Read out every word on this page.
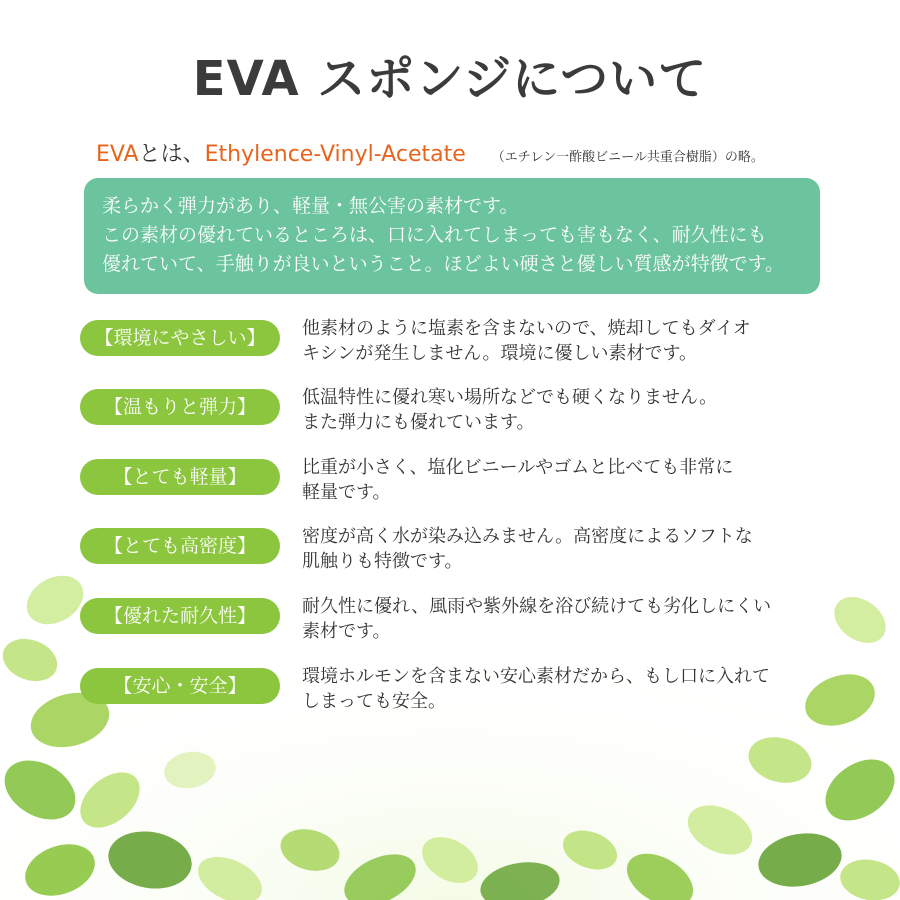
EVA スポンジについて
EVAとは、Ethylence-Vinyl-Acetate （エチレン一酢酸ビニール共重合樹脂）の略。
柔らかく弾力があり、軽量・無公害の素材です。
この素材の優れているところは、口に入れてしまっても害もなく、耐久性にも
優れていて、手触りが良いということ。ほどよい硬さと優しい質感が特徴です。
【環境にやさしい】	他素材のように塩素を含まないので、焼却してもダイオ
キシンが発生しません。環境に優しい素材です。
【温もりと弾力】	低温特性に優れ寒い場所などでも硬くなりません。
また弾力にも優れています。
【とても軽量】	比重が小さく、塩化ビニールやゴムと比べても非常に
軽量です。
【とても高密度】	密度が高く水が染み込みません。高密度によるソフトな
肌触りも特徴です。
【優れた耐久性】	耐久性に優れ、風雨や紫外線を浴び続けても劣化しにくい
素材です。
【安心・安全】	環境ホルモンを含まない安心素材だから、もし口に入れて
しまっても安全。
